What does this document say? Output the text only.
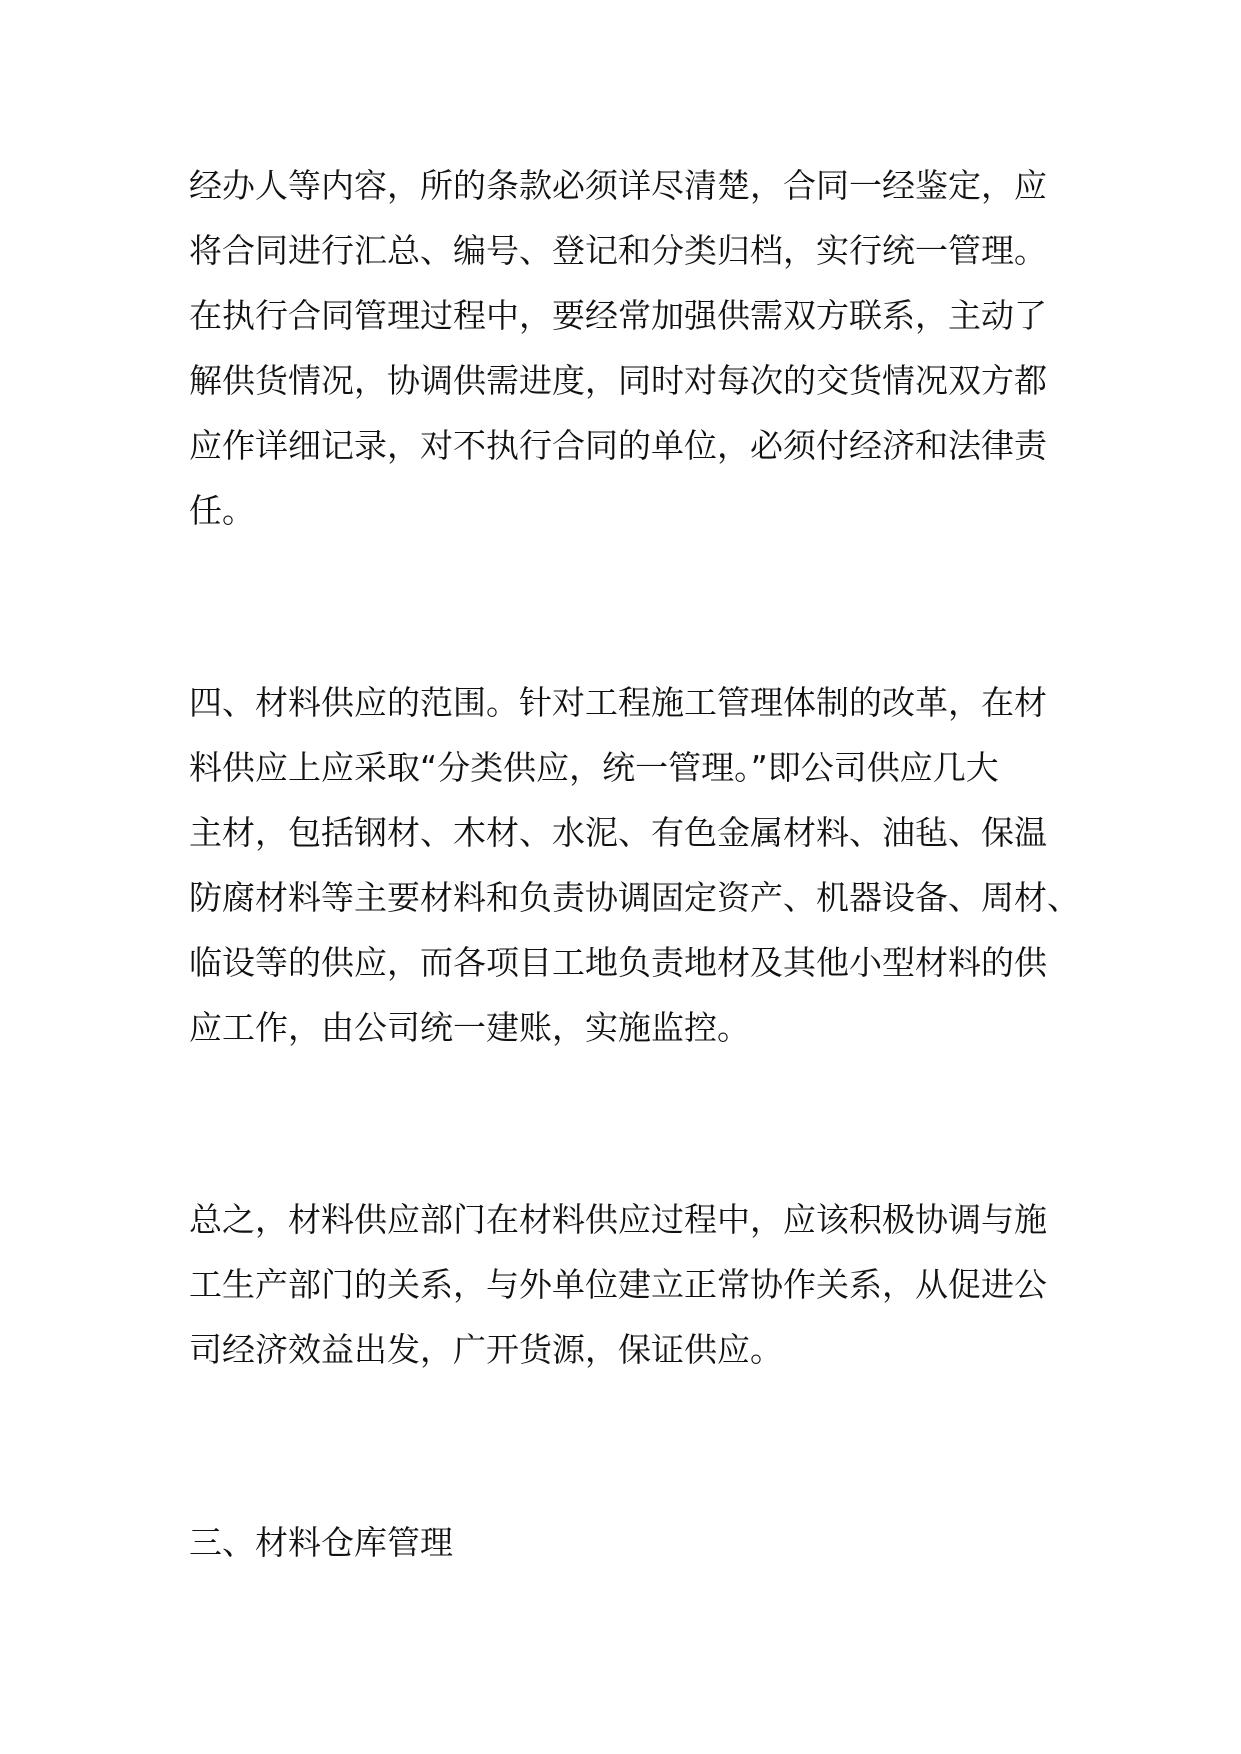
经办人等内容，所的条款必须详尽清楚，合同一经鉴定，应
将合同进行汇总、编号、登记和分类归档，实行统一管理。
在执行合同管理过程中，要经常加强供需双方联系，主动了
解供货情况，协调供需进度，同时对每次的交货情况双方都
应作详细记录，对不执行合同的单位，必须付经济和法律责
任。
四、材料供应的范围。针对工程施工管理体制的改革，在材
料供应上应采取“分类供应，统一管理。”即公司供应几大
主材，包括钢材、木材、水泥、有色金属材料、油毡、保温
防腐材料等主要材料和负责协调固定资产、机器设备、周材、
临设等的供应，而各项目工地负责地材及其他小型材料的供
应工作，由公司统一建账，实施监控。
总之，材料供应部门在材料供应过程中，应该积极协调与施
工生产部门的关系，与外单位建立正常协作关系，从促进公
司经济效益出发，广开货源，保证供应。
三、材料仓库管理
